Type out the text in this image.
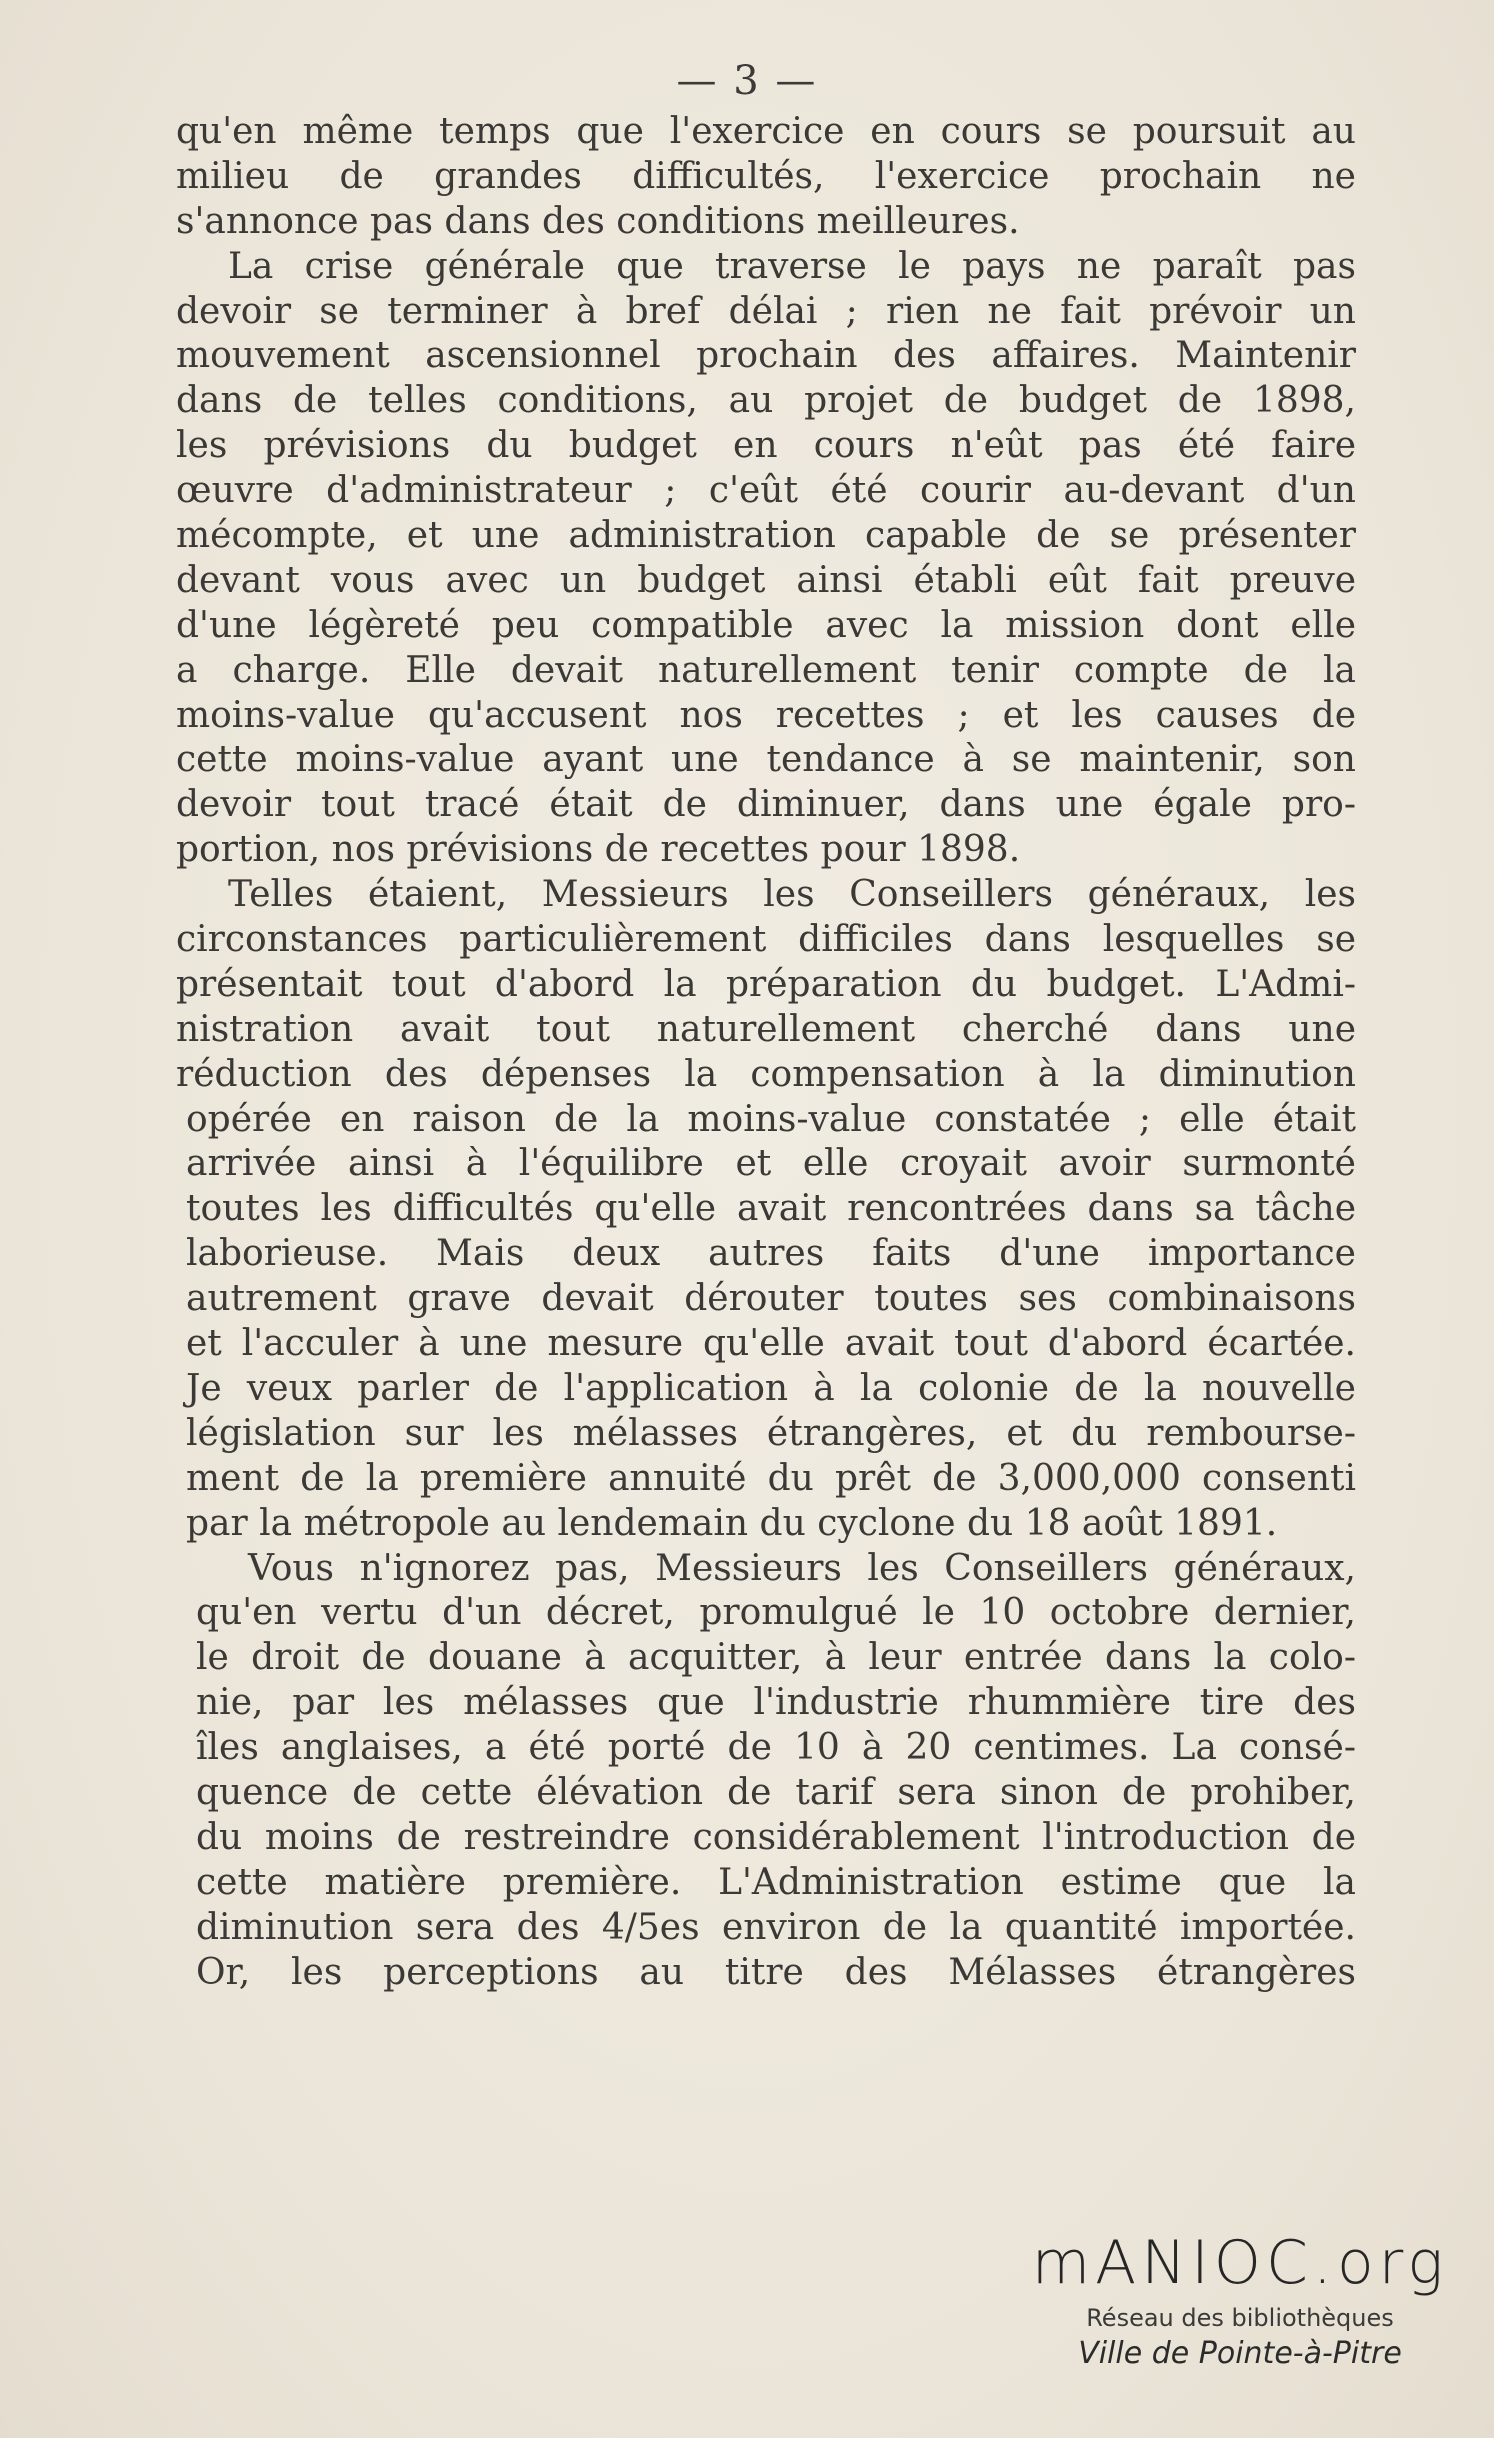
— 3 —
qu'en même temps que l'exercice en cours se poursuit au
milieu de grandes difficultés, l'exercice prochain ne
s'annonce pas dans des conditions meilleures.
La crise générale que traverse le pays ne paraît pas
devoir se terminer à bref délai ; rien ne fait prévoir un
mouvement ascensionnel prochain des affaires. Maintenir
dans de telles conditions, au projet de budget de 1898,
les prévisions du budget en cours n'eût pas été faire
œuvre d'administrateur ; c'eût été courir au-devant d'un
mécompte, et une administration capable de se présenter
devant vous avec un budget ainsi établi eût fait preuve
d'une légèreté peu compatible avec la mission dont elle
a charge. Elle devait naturellement tenir compte de la
moins-value qu'accusent nos recettes ; et les causes de
cette moins-value ayant une tendance à se maintenir, son
devoir tout tracé était de diminuer, dans une égale pro-
portion, nos prévisions de recettes pour 1898.
Telles étaient, Messieurs les Conseillers généraux, les
circonstances particulièrement difficiles dans lesquelles se
présentait tout d'abord la préparation du budget. L'Admi-
nistration avait tout naturellement cherché dans une
réduction des dépenses la compensation à la diminution
opérée en raison de la moins-value constatée ; elle était
arrivée ainsi à l'équilibre et elle croyait avoir surmonté
toutes les difficultés qu'elle avait rencontrées dans sa tâche
laborieuse. Mais deux autres faits d'une importance
autrement grave devait dérouter toutes ses combinaisons
et l'acculer à une mesure qu'elle avait tout d'abord écartée.
Je veux parler de l'application à la colonie de la nouvelle
législation sur les mélasses étrangères, et du rembourse-
ment de la première annuité du prêt de 3,000,000 consenti
par la métropole au lendemain du cyclone du 18 août 1891.
Vous n'ignorez pas, Messieurs les Conseillers généraux,
qu'en vertu d'un décret, promulgué le 10 octobre dernier,
le droit de douane à acquitter, à leur entrée dans la colo-
nie, par les mélasses que l'industrie rhummière tire des
îles anglaises, a été porté de 10 à 20 centimes. La consé-
quence de cette élévation de tarif sera sinon de prohiber,
du moins de restreindre considérablement l'introduction de
cette matière première. L'Administration estime que la
diminution sera des 4/5es environ de la quantité importée.
Or, les perceptions au titre des Mélasses étrangères
mANIOC.org
Réseau des bibliothèques
Ville de Pointe-à-Pitre
